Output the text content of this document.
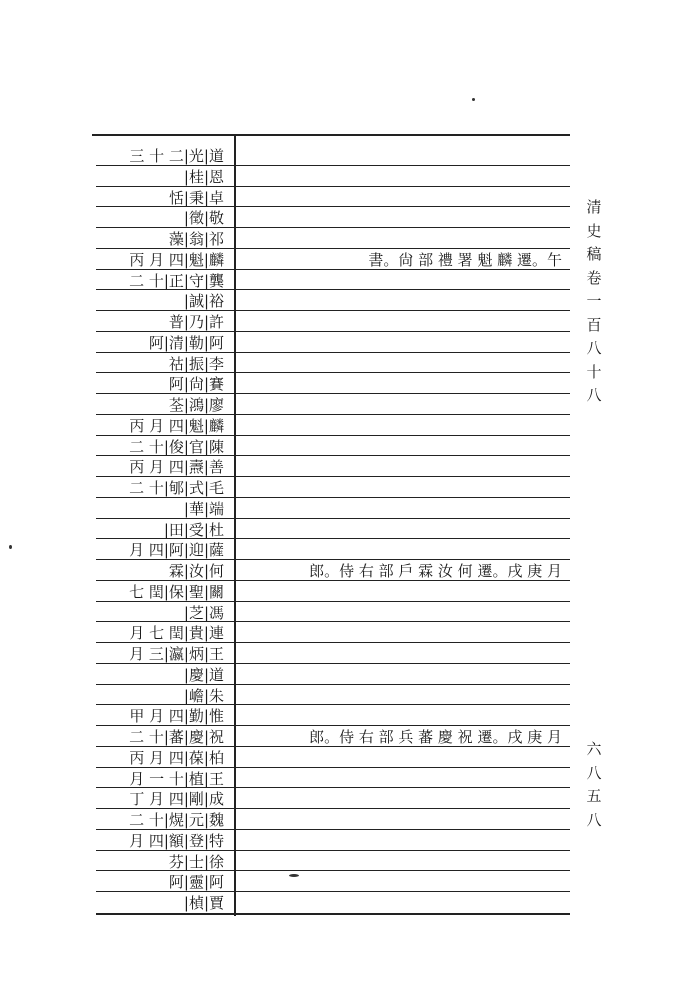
三 十 二|光|道
|桂|恩
恬|秉|卓
|徵|敬
藻|翁|祁
丙 月 四|魁|麟	書。尙 部 禮 署 魁 麟 遷。午
二 十|正|守|龔
|誠|裕
普|乃|許
阿|清|勒|阿
祜|振|李
阿|尙|賽
荃|鴻|廖
丙 月 四|魁|麟
二 十|俊|官|陳
丙 月 四|燾|善
二 十|郇|式|毛
|華|端
|田|受|杜
月 四|阿|迎|薩
霖|汝|何	郎。侍 右 部 戶 霖 汝 何 遷。戌 庚 月
七 閏|保|聖|關
|芝|馮
月 七 閏|貴|連
月 三|瀛|炳|王
|慶|道
|嶦|朱
甲 月 四|勤|惟
二 十|蕃|慶|祝	郎。侍 右 部 兵 蕃 慶 祝 遷。戌 庚 月
丙 月 四|葆|柏
月 一 十|植|王
丁 月 四|剛|成
二 十|熀|元|魏
月 四|額|登|特
芬|士|徐
阿|靈|阿
|楨|賈
清史稿卷一百八十八
六八五八
